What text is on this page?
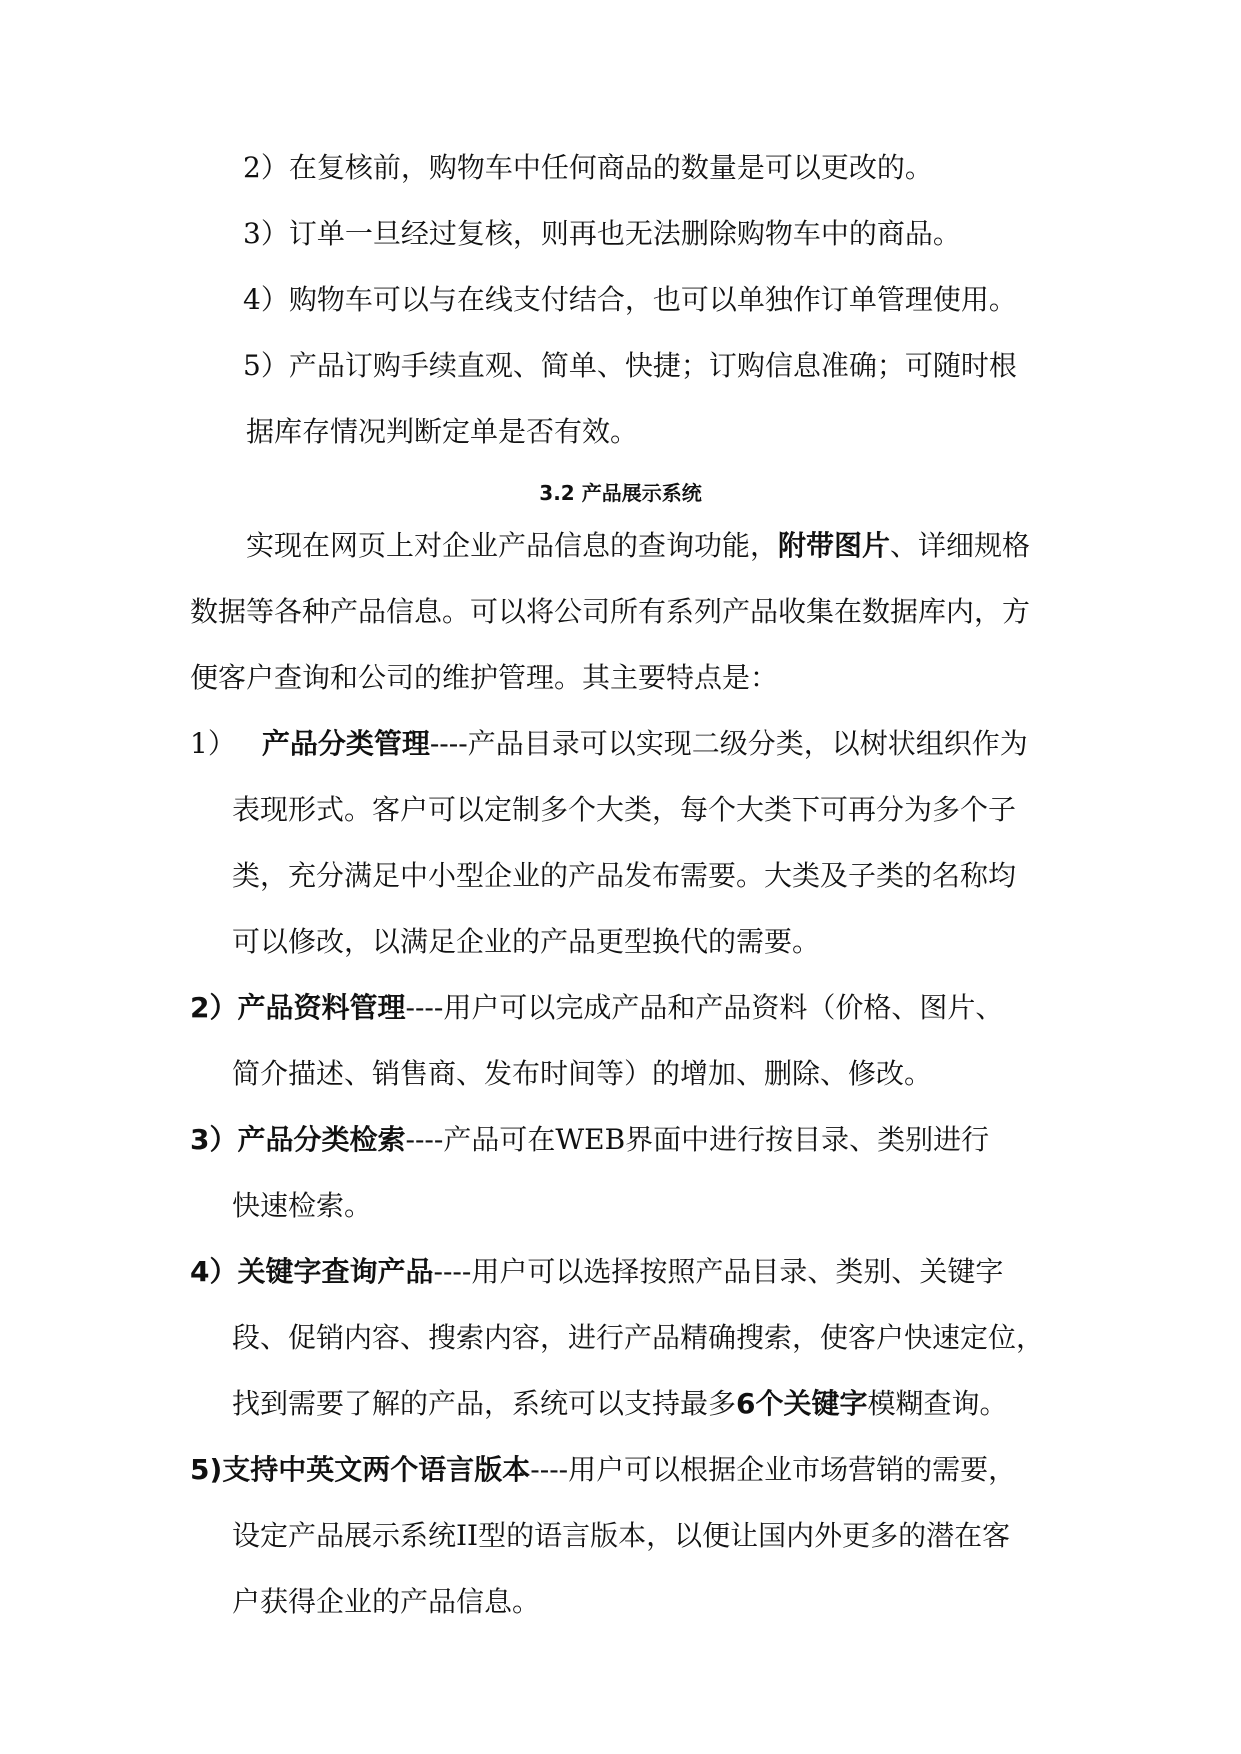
2）在复核前，购物车中任何商品的数量是可以更改的。
3）订单一旦经过复核，则再也无法删除购物车中的商品。
4）购物车可以与在线支付结合，也可以单独作订单管理使用。
5）产品订购手续直观、简单、快捷；订购信息准确；可随时根
据库存情况判断定单是否有效。
3.2 产品展示系统
实现在网页上对企业产品信息的查询功能，附带图片、详细规格
数据等各种产品信息。可以将公司所有系列产品收集在数据库内，方
便客户查询和公司的维护管理。其主要特点是：
1） 产品分类管理----产品目录可以实现二级分类，以树状组织作为
表现形式。客户可以定制多个大类，每个大类下可再分为多个子
类，充分满足中小型企业的产品发布需要。大类及子类的名称均
可以修改，以满足企业的产品更型换代的需要。
2）产品资料管理----用户可以完成产品和产品资料（价格、图片、
简介描述、销售商、发布时间等）的增加、删除、修改。
3）产品分类检索----产品可在WEB界面中进行按目录、类别进行
快速检索。
4）关键字查询产品----用户可以选择按照产品目录、类别、关键字
段、促销内容、搜索内容，进行产品精确搜索，使客户快速定位，
找到需要了解的产品，系统可以支持最多6个关键字模糊查询。
5)支持中英文两个语言版本----用户可以根据企业市场营销的需要，
设定产品展示系统II型的语言版本，以便让国内外更多的潜在客
户获得企业的产品信息。
